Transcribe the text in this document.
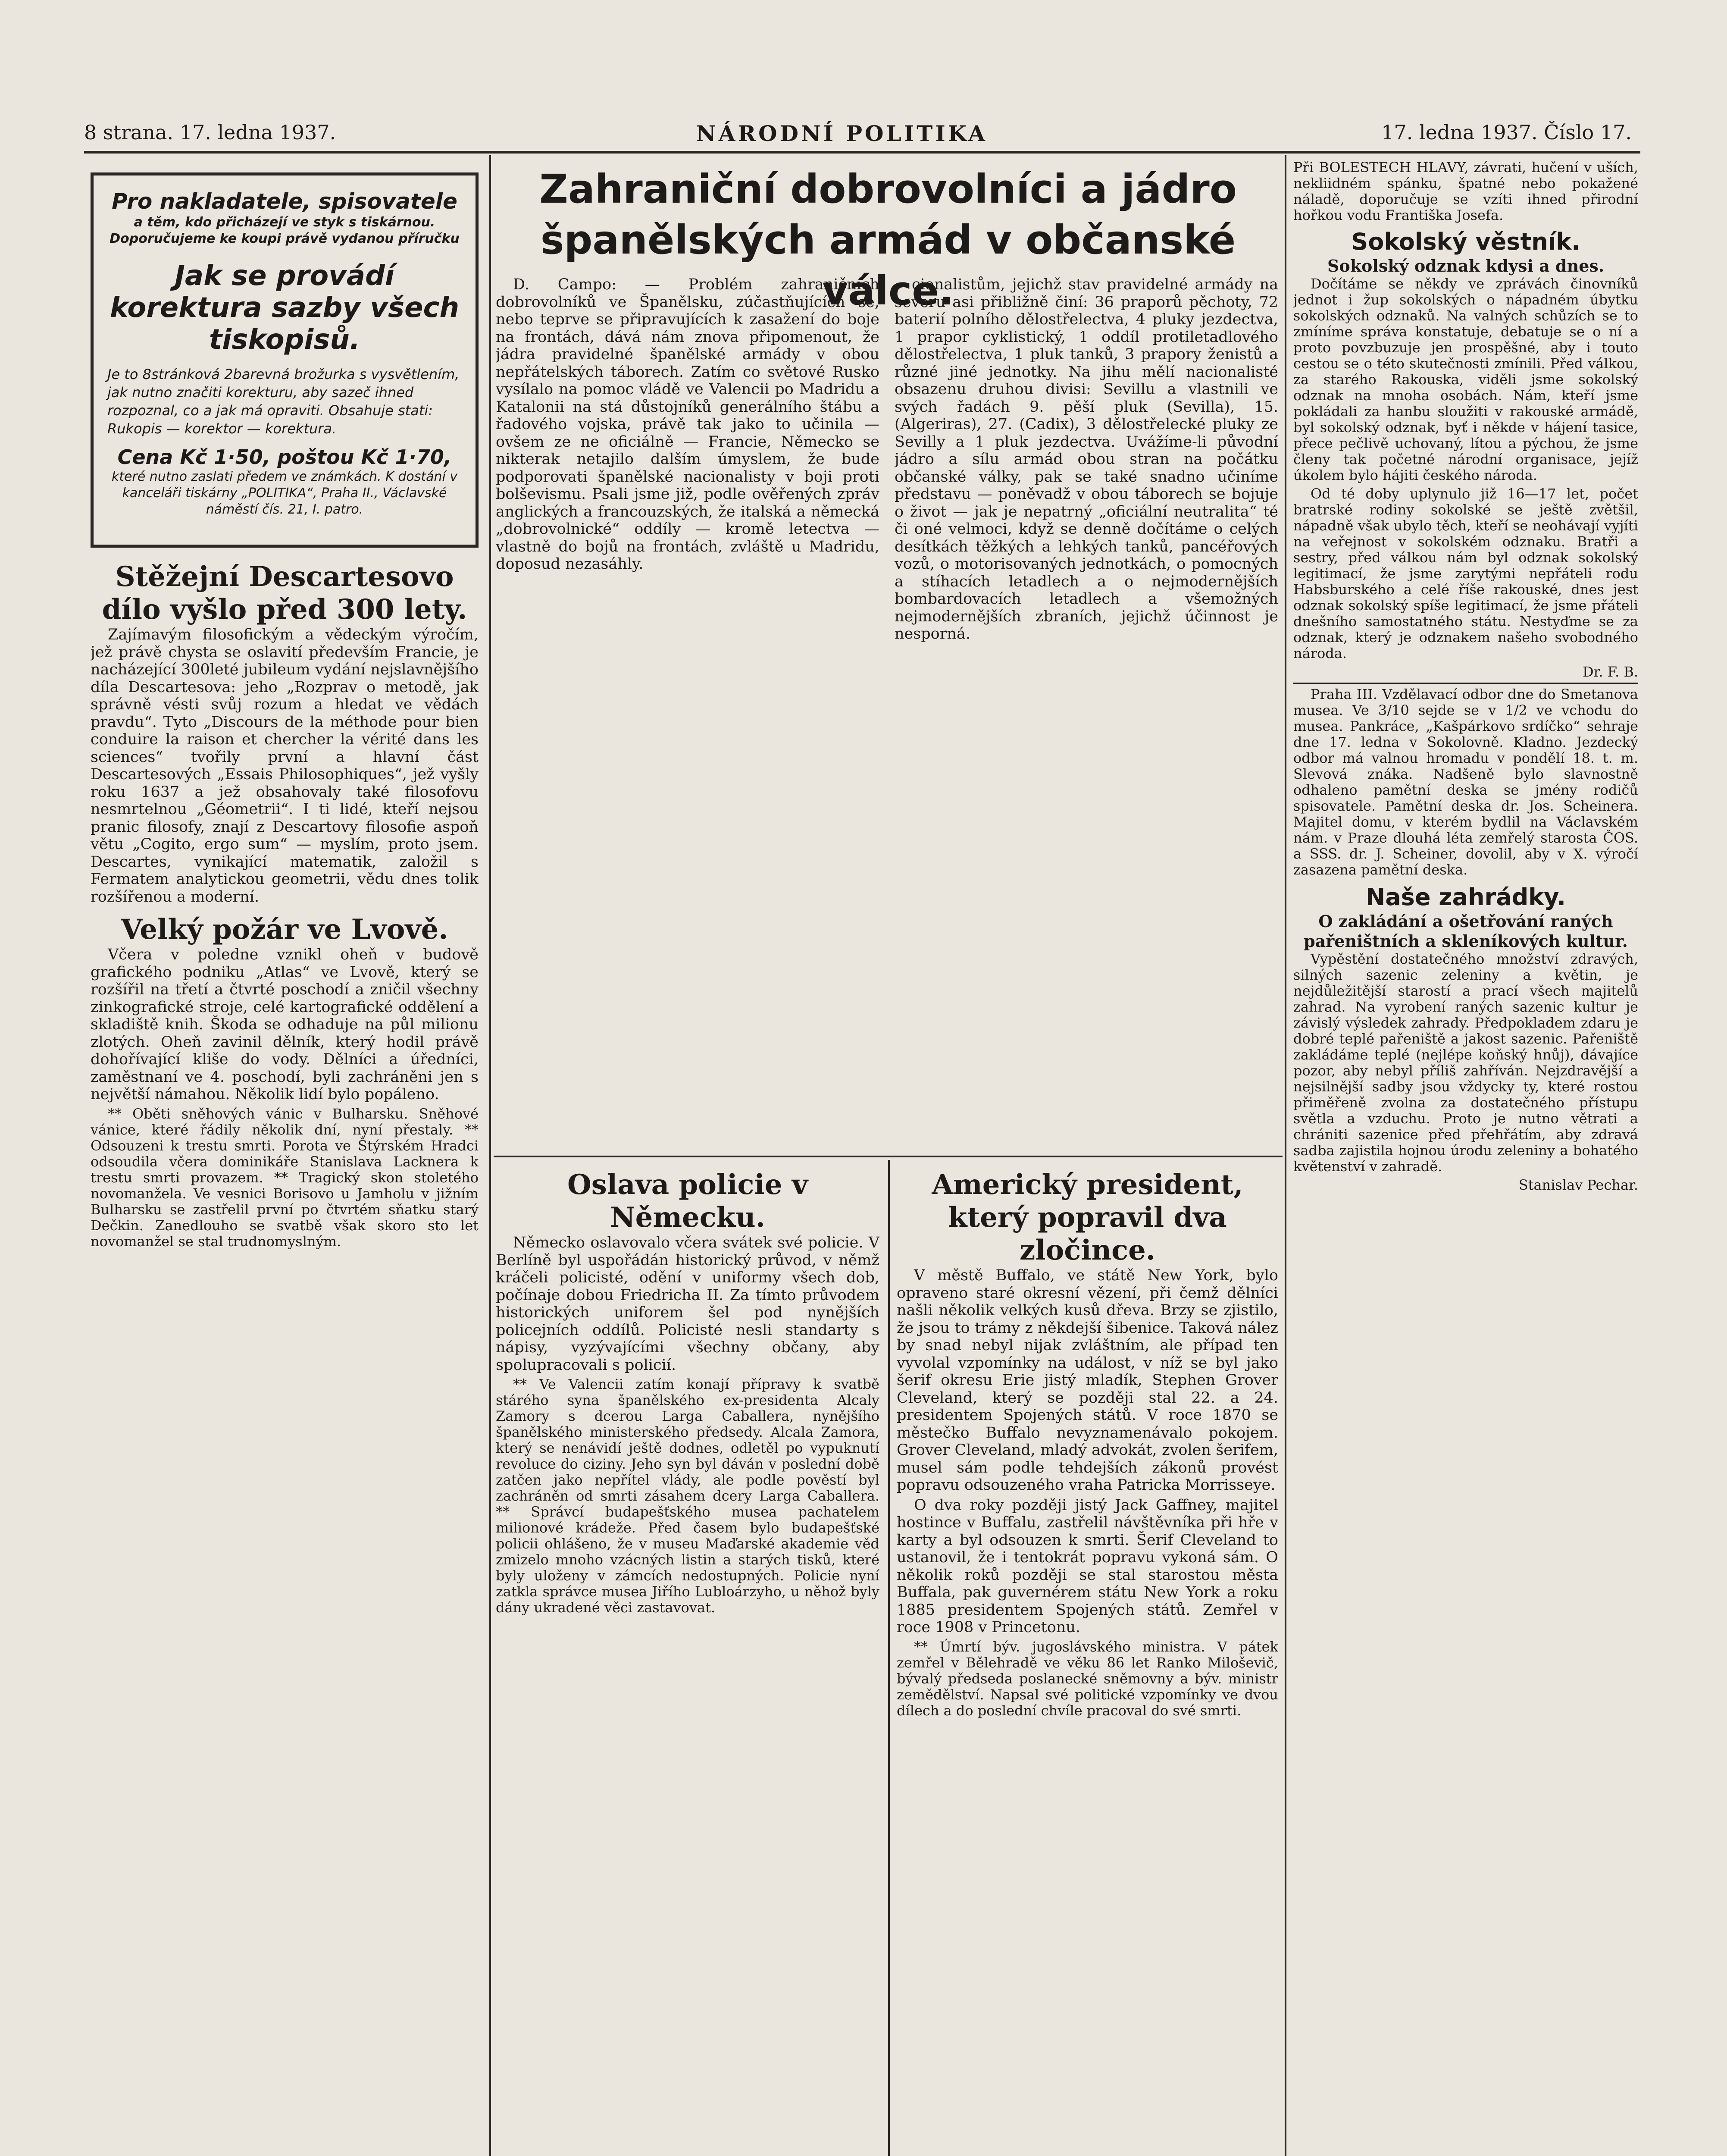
8 strana. 17. ledna 1937.	NÁRODNÍ POLITIKA	17. ledna 1937. Číslo 17.
Pro nakladatele, spisovatele
a těm, kdo přicházejí ve styk s tiskárnou. Doporučujeme ke koupi právě vydanou příručku
Jak se provádí korektura sazby všech tiskopisů.
Je to 8stránková 2barevná brožurka s vysvětlením, jak nutno značiti korekturu, aby sazeč ihned rozpoznal, co a jak má opraviti. Obsahuje stati: Rukopis — korektor — korektura.
Cena Kč 1·50, poštou Kč 1·70,
které nutno zaslati předem ve známkách. K dostání v kanceláři tiskárny „POLITIKA“, Praha II., Václavské náměstí čís. 21, I. patro.
Stěžejní Descartesovo dílo vyšlo před 300 lety.

Zajímavým filosofickým a vědeckým výročím, jež právě chysta se oslavití především Francie, je nacházející 300leté jubileum vydání nejslavnějšího díla Descartesova: jeho „Rozprav o metodě, jak správně vésti svůj rozum a hledat ve vědách pravdu“. Tyto „Discours de la méthode pour bien conduire la raison et chercher la vérité dans les sciences“ tvořily první a hlavní část Descartesových „Essais Philosophiques“, jež vyšly roku 1637 a jež obsahovaly také filosofovu nesmrtelnou „Géometrii“. I ti lidé, kteří nejsou pranic filosofy, znají z Descartovy filosofie aspoň větu „Cogito, ergo sum“ — myslím, proto jsem. Descartes, vynikající matematik, založil s Fermatem analytickou geometrii, vědu dnes tolik rozšířenou a moderní.

Velký požár ve Lvově.

Včera v poledne vznikl oheň v budově grafického podniku „Atlas“ ve Lvově, který se rozšířil na třetí a čtvrté poschodí a zničil všechny zinkografické stroje, celé kartografické oddělení a skladiště knih. Škoda se odhaduje na půl milionu zlotých. Oheň zavinil dělník, který hodil právě dohořívající kliše do vody. Dělníci a úředníci, zaměstnaní ve 4. poschodí, byli zachráněni jen s největší námahou. Několik lidí bylo popáleno.

** Oběti sněhových vánic v Bulharsku. Sněhové vánice, které řádily několik dní, nyní přestaly. ** Odsouzeni k trestu smrti. Porota ve Štýrském Hradci odsoudila včera dominikáře Stanislava Lacknera k trestu smrti provazem. ** Tragický skon stoletého novomanžela. Ve vesnici Borisovo u Jamholu v jižním Bulharsku se zastřelil první po čtvrtém sňatku starý Dečkin. Zanedlouho se svatbě však skoro sto let novomanžel se stal trudnomyslným.

Zahraniční dobrovolníci a jádro španělských armád v občanské válce.

D. Campo: — Problém zahraničních dobrovolníků ve Španělsku, zúčastňujících se, nebo teprve se připravujících k zasažení do boje na frontách, dává nám znova připomenout, že jádra pravidelné španělské armády v obou nepřátelských táborech. Zatím co světové Rusko vysílalo na pomoc vládě ve Valencii po Madridu a Katalonii na stá důstojníků generálního štábu a řadového vojska, právě tak jako to učinila — ovšem ze ne oficiálně — Francie, Německo se nikterak netajilo dalším úmyslem, že bude podporovati španělské nacionalisty v boji proti bolševismu. Psali jsme již, podle ověřených zpráv anglických a francouzských, že italská a německá „dobrovolnické“ oddíly — kromě letectva — vlastně do bojů na frontách, zvláště u Madridu, doposud nezasáhly.

cionalistům, jejichž stav pravidelné armády na severu asi přibližně činí: 36 praporů pěchoty, 72 baterií polního dělostřelectva, 4 pluky jezdectva, 1 prapor cyklistický, 1 oddíl protiletadlového dělostřelectva, 1 pluk tanků, 3 prapory ženistů a různé jiné jednotky. Na jihu mělí nacionalisté obsazenu druhou divisi: Sevillu a vlastnili ve svých řadách 9. pěší pluk (Sevilla), 15. (Algeriras), 27. (Cadix), 3 dělostřelecké pluky ze Sevilly a 1 pluk jezdectva. Uvážíme-li původní jádro a sílu armád obou stran na počátku občanské války, pak se také snadno učiníme představu — poněvadž v obou táborech se bojuje o život — jak je nepatrný „oficiální neutralita“ té či oné velmoci, když se denně dočítáme o celých desítkách těžkých a lehkých tanků, pancéřových vozů, o motorisovaných jednotkách, o pomocných a stíhacích letadlech a o nejmodernějších bombardovacích letadlech a všemožných nejmodernějších zbraních, jejichž účinnost je nesporná.

Oslava policie v Německu.

Německo oslavovalo včera svátek své policie. V Berlíně byl uspořádán historický průvod, v němž kráčeli policisté, odění v uniformy všech dob, počínaje dobou Friedricha II. Za tímto průvodem historických uniforem šel pod nynějších policejních oddílů. Policisté nesli standarty s nápisy, vyzývajícími všechny občany, aby spolupracovali s policií.

** Ve Valencii zatím konají přípravy k svatbě stárého syna španělského ex-presidenta Alcaly Zamory s dcerou Larga Caballera, nynějšího španělského ministerského předsedy. Alcala Zamora, který se nenávidí ještě dodnes, odletěl po vypuknutí revoluce do ciziny. Jeho syn byl dáván v poslední době zatčen jako nepřítel vlády, ale podle pověstí byl zachráněn od smrti zásahem dcery Larga Caballera. ** Správcí budapešťského musea pachatelem milionové krádeže. Před časem bylo budapešťské policii ohlášeno, že v museu Maďarské akademie věd zmizelo mnoho vzácných listin a starých tisků, které byly uloženy v zámcích nedostupných. Policie nyní zatkla správce musea Jiřího Lubloárzyho, u něhož byly dány ukradené věci zastavovat.

Americký president, který popravil dva zločince.

V městě Buffalo, ve státě New York, bylo opraveno staré okresní vězení, při čemž dělníci našli několik velkých kusů dřeva. Brzy se zjistilo, že jsou to trámy z někdejší šibenice. Taková nález by snad nebyl nijak zvláštním, ale případ ten vyvolal vzpomínky na událost, v níž se byl jako šerif okresu Erie jistý mladík, Stephen Grover Cleveland, který se později stal 22. a 24. presidentem Spojených států. V roce 1870 se městečko Buffalo nevyznamenávalo pokojem. Grover Cleveland, mladý advokát, zvolen šerifem, musel sám podle tehdejších zákonů provést popravu odsouzeného vraha Patricka Morrisseye.

O dva roky později jistý Jack Gaffney, majitel hostince v Buffalu, zastřelil návštěvníka při hře v karty a byl odsouzen k smrti. Šerif Cleveland to ustanovil, že i tentokrát popravu vykoná sám. O několik roků později se stal starostou města Buffala, pak guvernérem státu New York a roku 1885 presidentem Spojených států. Zemřel v roce 1908 v Princetonu.

** Úmrtí býv. jugoslávského ministra. V pátek zemřel v Bělehradě ve věku 86 let Ranko Miloševič, bývalý předseda poslanecké sněmovny a býv. ministr zemědělství. Napsal své politické vzpomínky ve dvou dílech a do poslední chvíle pracoval do své smrti.

Při BOLESTECH HLAVY, závrati, hučení v uších, nekliidném spánku, špatné nebo pokažené náladě, doporučuje se vzíti ihned přirodní hořkou vodu Františka Josefa.

Sokolský věstník.
Sokolský odznak kdysi a dnes.

Dočítáme se někdy ve zprávách činovníků jednot i žup sokolských o nápadném úbytku sokolských odznaků. Na valných schůzích se to zmíníme správa konstatuje, debatuje se o ní a proto povzbuzuje jen prospěšné, aby i touto cestou se o této skutečnosti zmínili. Před válkou, za starého Rakouska, viděli jsme sokolský odznak na mnoha osobách. Nám, kteří jsme pokládali za hanbu sloužiti v rakouské armádě, byl sokolský odznak, byť i někde v hájení tasice, přece pečlivě uchovaný, lítou a pýchou, že jsme členy tak početné národní organisace, jejíž úkolem bylo hájiti českého národa.

Od té doby uplynulo již 16—17 let, počet bratrské rodiny sokolské se ještě zvětšil, nápadně však ubylo těch, kteří se neohávají vyjíti na veřejnost v sokolském odznaku. Bratři a sestry, před válkou nám byl odznak sokolský legitimací, že jsme zarytými nepřáteli rodu Habsburského a celé říše rakouské, dnes jest odznak sokolský spíše legitimací, že jsme přáteli dnešního samostatného státu. Nestyďme se za odznak, který je odznakem našeho svobodného národa.

Dr. F. B.

Praha III. Vzdělavací odbor dne do Smetanova musea. Ve 3/10 sejde se v 1/2 ve vchodu do musea. Pankráce, „Kašpárkovo srdíčko“ sehraje dne 17. ledna v Sokolovně. Kladno. Jezdecký odbor má valnou hromadu v pondělí 18. t. m. Slevová znáka. Nadšeně bylo slavnostně odhaleno pamětní deska se jmény rodičů spisovatele. Pamětní deska dr. Jos. Scheinera. Majitel domu, v kterém bydlil na Václavském nám. v Praze dlouhá léta zemřelý starosta ČOS. a SSS. dr. J. Scheiner, dovolil, aby v X. výročí zasazena pamětní deska.

Naše zahrádky.
O zakládání a ošetřování raných pařeništních a skleníkových kultur.

Vypěstění dostatečného množství zdravých, silných sazenic zeleniny a květin, je nejdůležitější starostí a prací všech majitelů zahrad. Na vyrobení raných sazenic kultur je závislý výsledek zahrady. Předpokladem zdaru je dobré teplé pařeniště a jakost sazenic. Pařeniště zakládáme teplé (nejlépe koňský hnůj), dávajíce pozor, aby nebyl příliš zahříván. Nejzdravější a nejsilnější sadby jsou vždycky ty, které rostou přiměřeně zvolna za dostatečného přístupu světla a vzduchu. Proto je nutno větrati a chrániti sazenice před přehřátím, aby zdravá sadba zajistila hojnou úrodu zeleniny a bohatého květenství v zahradě.

Stanislav Pechar.
